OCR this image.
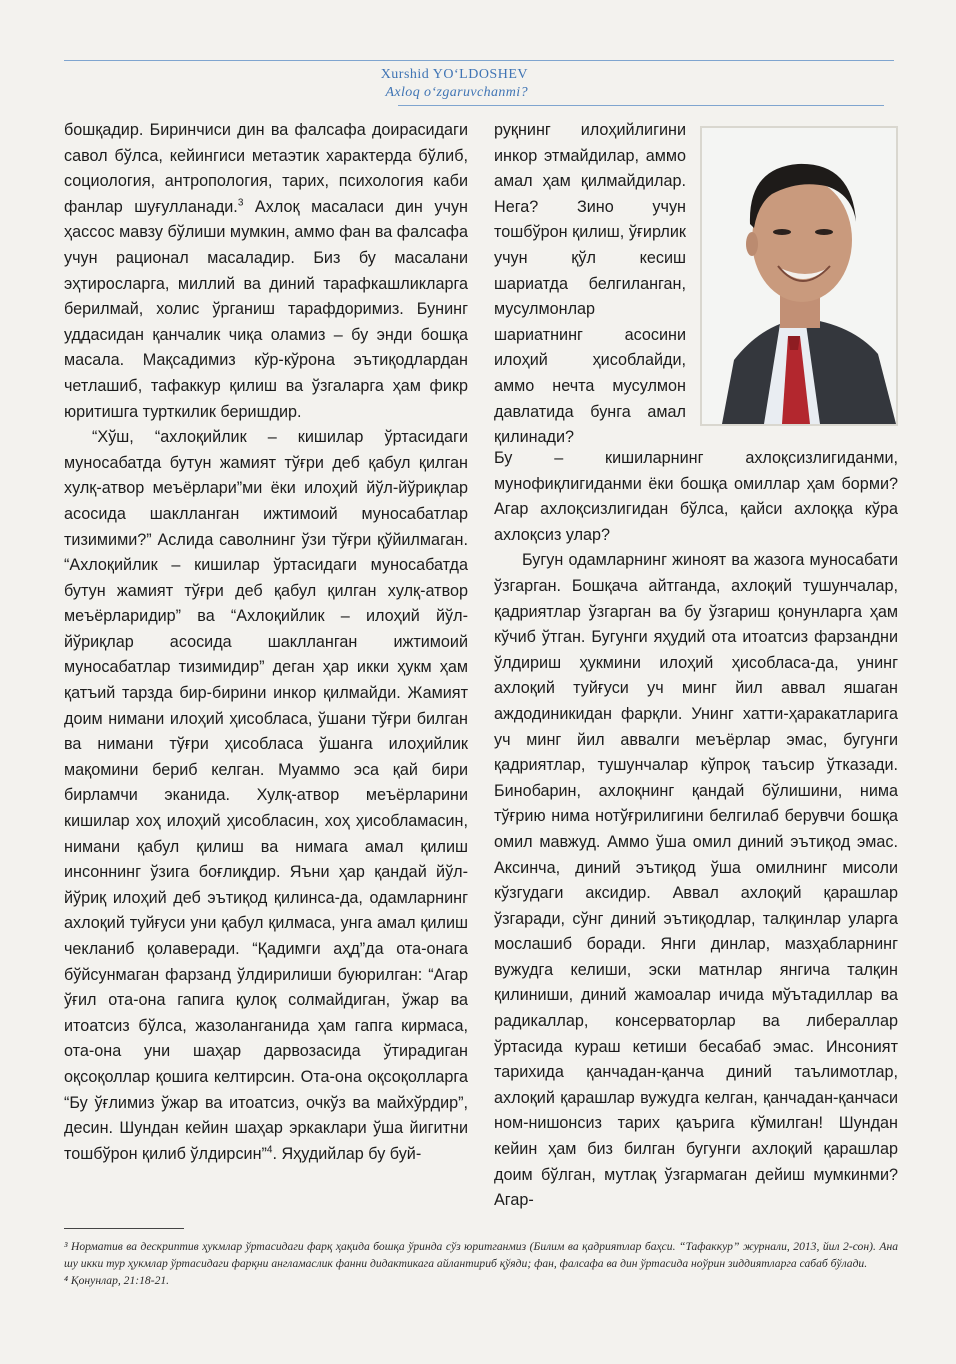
Xurshid YO‘LDOSHEV
Axloq o‘zgaruvchanmi?

бошқадир. Биринчиси дин ва фалсафа доирасидаги савол бўлса, кейингиси метаэтик характерда бўлиб, социология, антропология, тарих, психология каби фанлар шуғулланади.$^3$ Ахлоқ масаласи дин учун ҳассос мавзу бўлиши мумкин, аммо фан ва фалсафа учун рационал масаладир. Биз бу масалани эҳтиросларга, миллий ва диний тарафкашликларга берилмай, холис ўрганиш тарафдоримиз. Бунинг уддасидан қанчалик чиқа оламиз – бу энди бошқа масала. Мақсадимиз кўр-кўрона эътиқодлардан четлашиб, тафаккур қилиш ва ўзгаларга ҳам фикр юритишга турткилик беришдир.

“Хўш, “ахлоқийлик – кишилар ўртасидаги муносабатда бутун жамият тўғри деб қабул қилган хулқ-атвор меъёрлари”ми ёки илоҳий йўл-йўриқлар асосида шаклланган ижтимоий муносабатлар тизимими?” Аслида саволнинг ўзи тўғри қўйилмаган. “Ахлоқийлик – кишилар ўртасидаги муносабатда бутун жамият тўғри деб қабул қилган хулқ-атвор меъёрларидир” ва “Ахлоқийлик – илоҳий йўл-йўриқлар асосида шаклланган ижтимоий муносабатлар тизимидир” деган ҳар икки ҳукм ҳам қатъий тарзда бир-бирини инкор қилмайди. Жамият доим нимани илоҳий ҳисобласа, ўшани тўғри билган ва нимани тўғри ҳисобласа ўшанга илоҳийлик мақомини бериб келган. Муаммо эса қай бири бирламчи эканида. Хулқ-атвор меъёрларини кишилар хоҳ илоҳий ҳисобласин, хоҳ ҳисобламасин, нимани қабул қилиш ва нимага амал қилиш инсоннинг ўзига боғлиқдир. Яъни ҳар қандай йўл-йўриқ илоҳий деб эътиқод қилинса-да, одамларнинг ахлоқий туйғуси уни қабул қилмаса, унга амал қилиш чекланиб қолаверади. “Қадимги аҳд”да ота-онага бўйсунмаган фарзанд ўлдирилиши буюрилган: “Агар ўғил ота-она гапига қулоқ солмайдиган, ўжар ва итоатсиз бўлса, жазоланганида ҳам гапга кирмаса, ота-она уни шаҳар дарвозасида ўтирадиган оқсоқоллар қошига келтирсин. Ота-она оқсоқолларга “Бу ўғлимиз ўжар ва итоатсиз, очкўз ва майхўрдир”, десин. Шундан кейин шаҳар эркаклари ўша йигитни тошбўрон қилиб ўлдирсин”$^4$. Яҳудийлар бу буй-

руқнинг илоҳийлигини инкор этмайдилар, аммо амал ҳам қилмайдилар. Нега? Зино учун тошбўрон қилиш, ўғирлик учун қўл кесиш шариатда белгиланган, мусулмонлар шариатнинг асосини илоҳий ҳисоблайди, аммо нечта мусулмон давлатида бунга амал қилинади?

Бу – кишиларнинг ахлоқсизлигиданми, мунофиқлигиданми ёки бошқа омиллар ҳам борми? Агар ахлоқсизлигидан бўлса, қайси ахлоққа кўра ахлоқсиз улар?

Бугун одамларнинг жиноят ва жазога муносабати ўзгарган. Бошқача айтганда, ахлоқий тушунчалар, қадриятлар ўзгарган ва бу ўзгариш қонунларга ҳам кўчиб ўтган. Бугунги яҳудий ота итоатсиз фарзандни ўлдириш ҳукмини илоҳий ҳисобласа-да, унинг ахлоқий туйғуси уч минг йил аввал яшаган аждодиникидан фарқли. Унинг хатти-ҳаракатларига уч минг йил аввалги меъёрлар эмас, бугунги қадриятлар, тушунчалар кўпроқ таъсир ўтказади. Бинобарин, ахлоқнинг қандай бўлишини, нима тўғрию нима нотўғрилигини белгилаб берувчи бошқа омил мавжуд. Аммо ўша омил диний эътиқод эмас. Аксинча, диний эътиқод ўша омилнинг мисоли кўзгудаги аксидир. Аввал ахлоқий қарашлар ўзгаради, сўнг диний эътиқодлар, талқинлар уларга мослашиб боради. Янги динлар, мазҳабларнинг вужудга келиши, эски матнлар янгича талқин қилиниши, диний жамоалар ичида мўътадиллар ва радикаллар, консерваторлар ва либераллар ўртасида кураш кетиши бесабаб эмас. Инсоният тарихида қанчадан-қанча диний таълимотлар, ахлоқий қарашлар вужудга келган, қанчадан-қанчаси ном-нишонсиз тарих қаърига кўмилган! Шундан кейин ҳам биз билган бугунги ахлоқий қарашлар доим бўлган, мутлақ ўзгармаган дейиш мумкинми? Агар-

³ Норматив ва дескриптив ҳукмлар ўртасидаги фарқ ҳақида бошқа ўринда сўз юритганмиз (Билим ва қадриятлар баҳси. “Тафаккур” журнали, 2013, йил 2-сон). Ана шу икки тур ҳукмлар ўртасидаги фарқни англамаслик фанни дидактикага айлантириб қўяди; фан, фалсафа ва дин ўртасида ноўрин зиддиятларга сабаб бўлади.

⁴ Қонунлар, 21:18-21.
